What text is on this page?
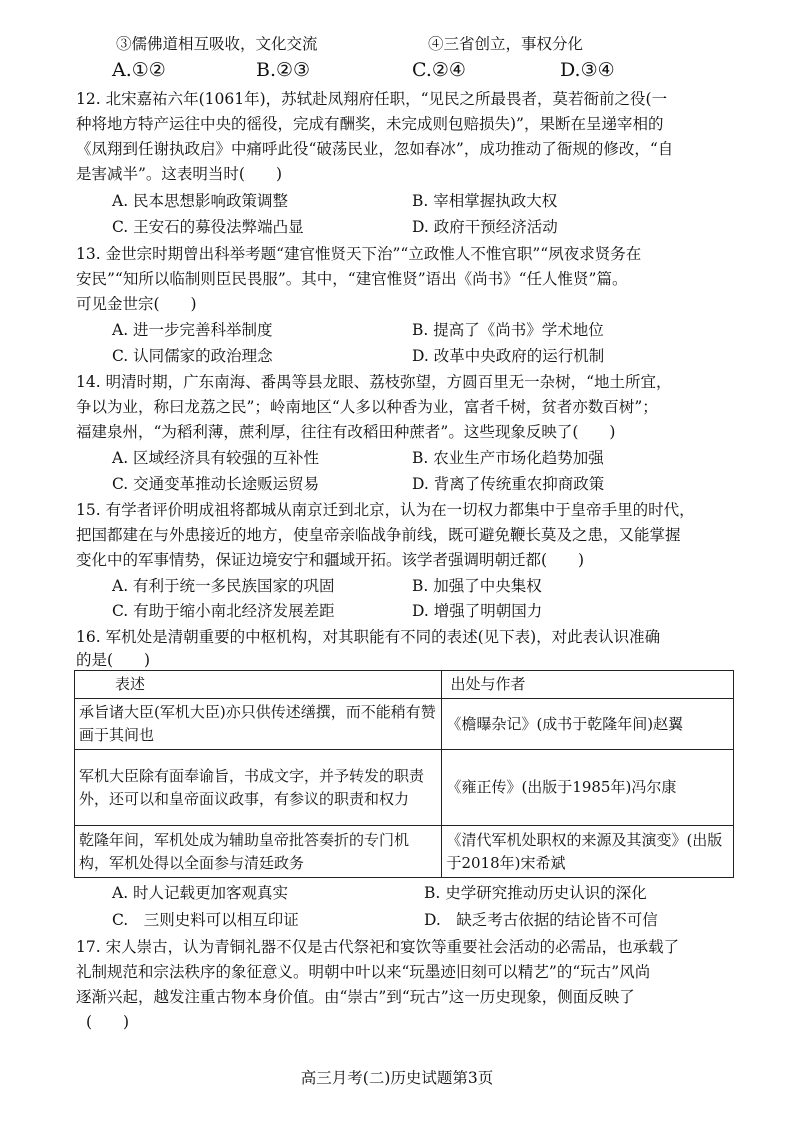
③儒佛道相互吸收，文化交流	④三省创立，事权分化
A.①②	B.②③	C.②④	D.③④
12. 北宋嘉祐六年(1061年)，苏轼赴凤翔府任职，“见民之所最畏者，莫若衙前之役(一
种将地方特产运往中央的徭役，完成有酬奖，未完成则包赔损失)”，果断在呈递宰相的
《凤翔到任谢执政启》中痛呼此役“破荡民业，忽如春冰”，成功推动了衙规的修改，“自
是害减半”。这表明当时(　　)
A. 民本思想影响政策调整	B. 宰相掌握执政大权
C. 王安石的募役法弊端凸显	D. 政府干预经济活动
13. 金世宗时期曾出科举考题“建官惟贤天下治”“立政惟人不惟官职”“夙夜求贤务在
安民”“知所以临制则臣民畏服”。其中，“建官惟贤”语出《尚书》“任人惟贤”篇。
可见金世宗(　　)
A. 进一步完善科举制度	B. 提高了《尚书》学术地位
C. 认同儒家的政治理念	D. 改革中央政府的运行机制
14. 明清时期，广东南海、番禺等县龙眼、荔枝弥望，方圆百里无一杂树，“地土所宜，
争以为业，称曰龙荔之民”；岭南地区“人多以种香为业，富者千树，贫者亦数百树”；
福建泉州，“为稻利薄，蔗利厚，往往有改稻田种蔗者”。这些现象反映了(　　)
A. 区域经济具有较强的互补性	B. 农业生产市场化趋势加强
C. 交通变革推动长途贩运贸易	D. 背离了传统重农抑商政策
15. 有学者评价明成祖将都城从南京迁到北京，认为在一切权力都集中于皇帝手里的时代，
把国都建在与外患接近的地方，使皇帝亲临战争前线，既可避免鞭长莫及之患，又能掌握
变化中的军事情势，保证边境安宁和疆域开拓。该学者强调明朝迁都(　　)
A. 有利于统一多民族国家的巩固	B. 加强了中央集权
C. 有助于缩小南北经济发展差距	D. 增强了明朝国力
16. 军机处是清朝重要的中枢机构，对其职能有不同的表述(见下表)，对此表认识准确
的是(　　)
表述	出处与作者
承旨诸大臣(军机大臣)亦只供传述缮撰，而不能稍有赞画于其间也	《檐曝杂记》(成书于乾隆年间)赵翼
军机大臣除有面奉谕旨，书成文字，并予转发的职责外，还可以和皇帝面议政事，有参议的职责和权力	《雍正传》(出版于1985年)冯尔康
乾隆年间，军机处成为辅助皇帝批答奏折的专门机构，军机处得以全面参与清廷政务	《清代军机处职权的来源及其演变》(出版于2018年)宋希斌
A. 时人记载更加客观真实	B. 史学研究推动历史认识的深化
C.　三则史料可以相互印证	D.　缺乏考古依据的结论皆不可信
17. 宋人崇古，认为青铜礼器不仅是古代祭祀和宴饮等重要社会活动的必需品，也承载了
礼制规范和宗法秩序的象征意义。明朝中叶以来“玩墨迹旧刻可以精艺”的“玩古”风尚
逐渐兴起，越发注重古物本身价值。由“崇古”到“玩古”这一历史现象，侧面反映了
(　　)
高三月考(二)历史试题第3页
